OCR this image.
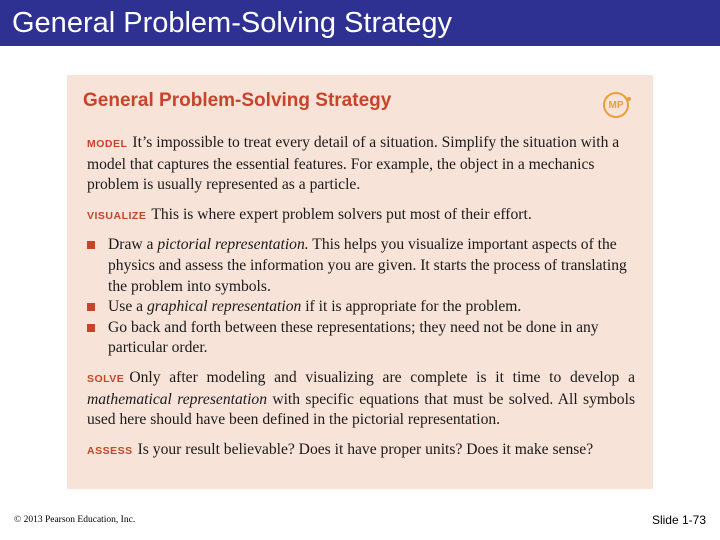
General Problem-Solving Strategy
General Problem-Solving Strategy	MP

MODEL It’s impossible to treat every detail of a situation. Simplify the situation with a model that captures the essential features. For example, the object in a mechanics problem is usually represented as a particle.

VISUALIZE This is where expert problem solvers put most of their effort.

Draw a pictorial representation. This helps you visualize important aspects of the physics and assess the information you are given. It starts the process of translating the problem into symbols.
Use a graphical representation if it is appropriate for the problem.
Go back and forth between these representations; they need not be done in any particular order.

SOLVE Only after modeling and visualizing are complete is it time to develop a mathematical representation with specific equations that must be solved. All symbols used here should have been defined in the pictorial representation.

ASSESS Is your result believable? Does it have proper units? Does it make sense?

© 2013 Pearson Education, Inc.	Slide 1-73
